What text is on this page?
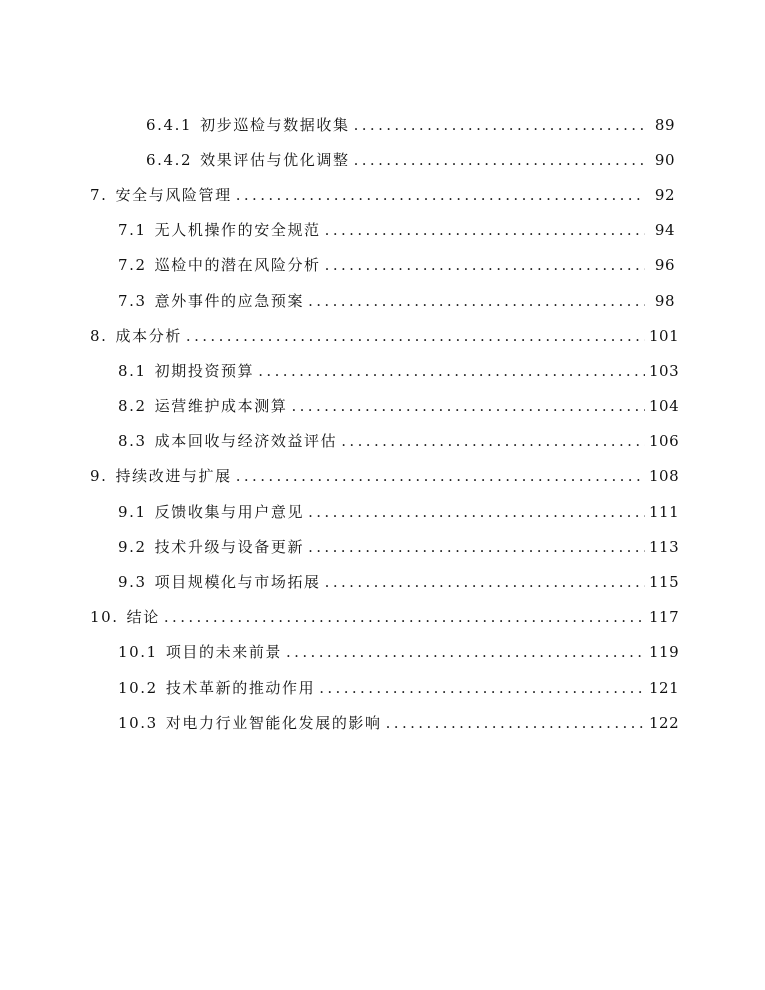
6.4.1 初步巡检与数据收集 .....	89
6.4.2 效果评估与优化调整 .....	90
7. 安全与风险管理 .....	92
7.1 无人机操作的安全规范 .....	94
7.2 巡检中的潜在风险分析 .....	96
7.3 意外事件的应急预案 .....	98
8. 成本分析 .....	101
8.1 初期投资预算 .....	103
8.2 运营维护成本测算 .....	104
8.3 成本回收与经济效益评估 .....	106
9. 持续改进与扩展 .....	108
9.1 反馈收集与用户意见 .....	111
9.2 技术升级与设备更新 .....	113
9.3 项目规模化与市场拓展 .....	115
10. 结论 .....	117
10.1 项目的未来前景 .....	119
10.2 技术革新的推动作用 .....	121
10.3 对电力行业智能化发展的影响 .....	122
